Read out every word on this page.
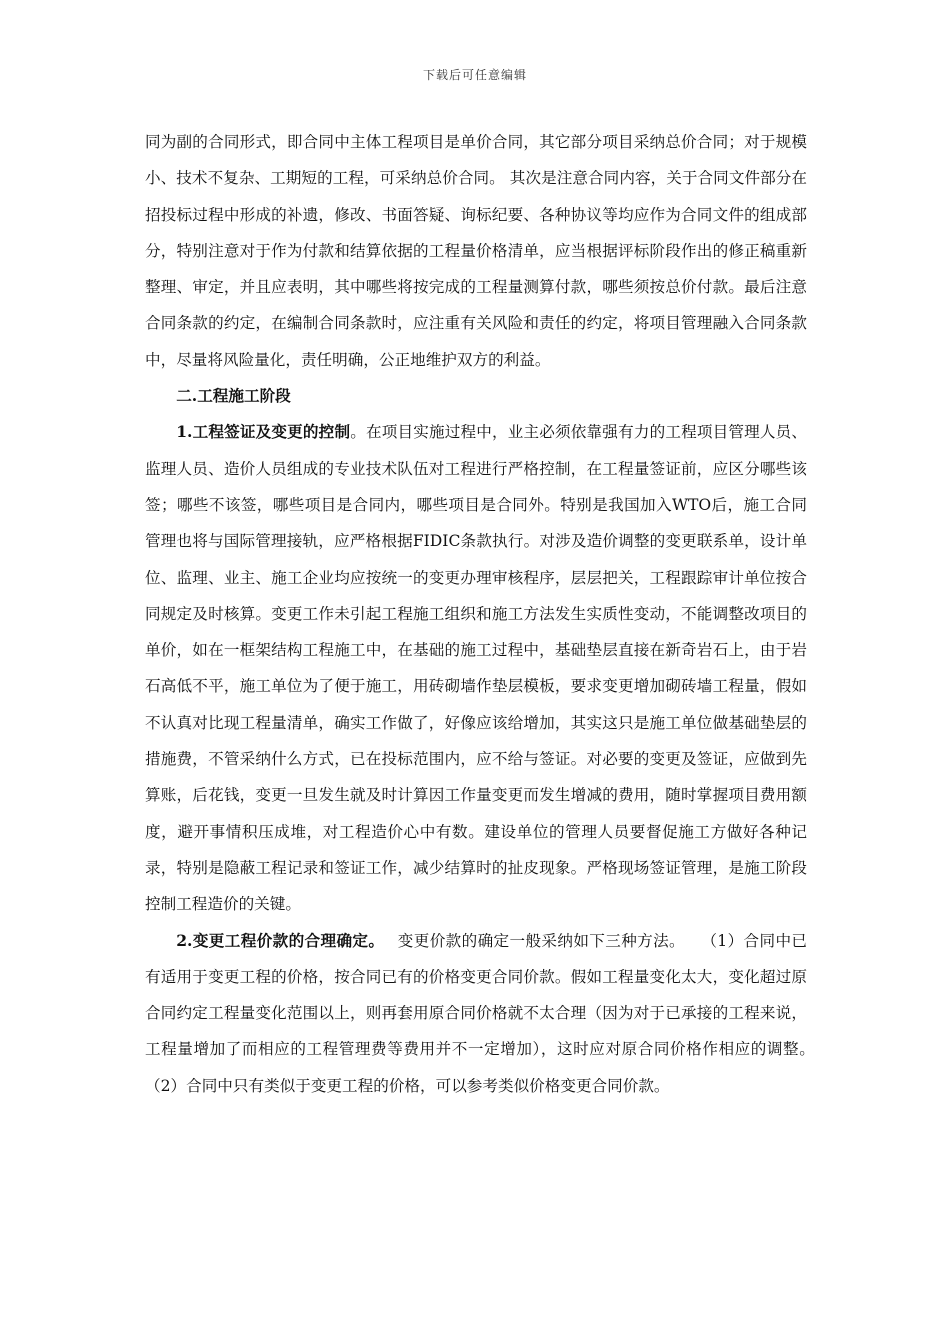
下载后可任意编辑

同为副的合同形式，即合同中主体工程项目是单价合同，其它部分项目采纳总价合同；对于规模小、技术不复杂、工期短的工程，可采纳总价合同。 其次是注意合同内容，关于合同文件部分在招投标过程中形成的补遗，修改、书面答疑、询标纪要、各种协议等均应作为合同文件的组成部分，特别注意对于作为付款和结算依据的工程量价格清单，应当根据评标阶段作出的修正稿重新整理、审定，并且应表明，其中哪些将按完成的工程量测算付款，哪些须按总价付款。最后注意合同条款的约定，在编制合同条款时，应注重有关风险和责任的约定，将项目管理融入合同条款中，尽量将风险量化，责任明确，公正地维护双方的利益。

二.工程施工阶段

1.工程签证及变更的控制。在项目实施过程中，业主必须依靠强有力的工程项目管理人员、监理人员、造价人员组成的专业技术队伍对工程进行严格控制，在工程量签证前，应区分哪些该签；哪些不该签，哪些项目是合同内，哪些项目是合同外。特别是我国加入WTO后，施工合同管理也将与国际管理接轨，应严格根据FIDIC条款执行。对涉及造价调整的变更联系单，设计单位、监理、业主、施工企业均应按统一的变更办理审核程序，层层把关，工程跟踪审计单位按合同规定及时核算。变更工作未引起工程施工组织和施工方法发生实质性变动，不能调整改项目的单价，如在一框架结构工程施工中，在基础的施工过程中，基础垫层直接在新奇岩石上，由于岩石高低不平，施工单位为了便于施工，用砖砌墙作垫层模板，要求变更增加砌砖墙工程量，假如不认真对比现工程量清单，确实工作做了，好像应该给增加，其实这只是施工单位做基础垫层的措施费，不管采纳什么方式，已在投标范围内，应不给与签证。对必要的变更及签证，应做到先算账，后花钱，变更一旦发生就及时计算因工作量变更而发生增减的费用，随时掌握项目费用额度，避开事情积压成堆，对工程造价心中有数。建设单位的管理人员要督促施工方做好各种记录，特别是隐蔽工程记录和签证工作，减少结算时的扯皮现象。严格现场签证管理，是施工阶段控制工程造价的关键。

2.变更工程价款的合理确定。　 变更价款的确定一般采纳如下三种方法。　　（1）合同中已有适用于变更工程的价格，按合同已有的价格变更合同价款。假如工程量变化太大，变化超过原合同约定工程量变化范围以上，则再套用原合同价格就不太合理（因为对于已承接的工程来说，工程量增加了而相应的工程管理费等费用并不一定增加），这时应对原合同价格作相应的调整。　（2）合同中只有类似于变更工程的价格，可以参考类似价格变更合同价款。
